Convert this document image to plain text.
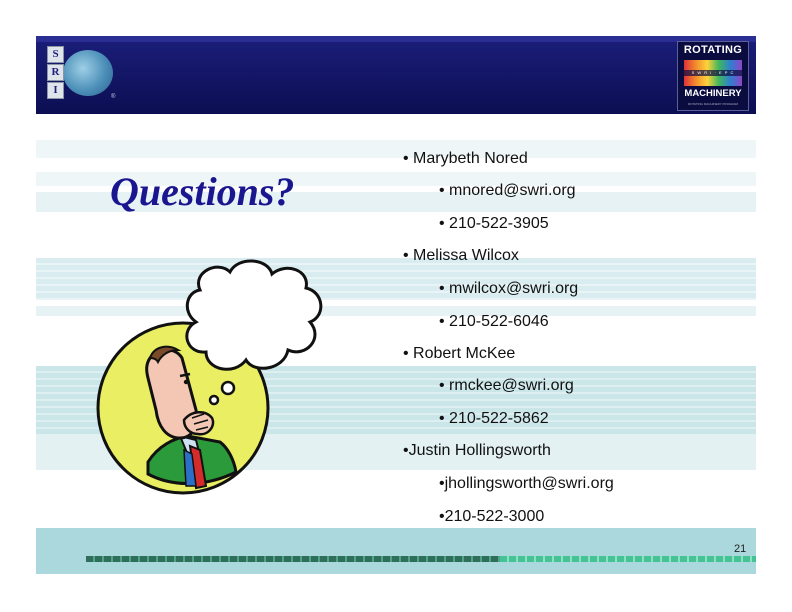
S
R
I
®
ROTATING
S W R I · E P C
MACHINERY
ROTATING MACHINERY PROGRAM
Questions?
• Marybeth Nored
• mnored@swri.org
• 210-522-3905
• Melissa Wilcox
• mwilcox@swri.org
• 210-522-6046
• Robert McKee
• rmckee@swri.org
• 210-522-5862
•Justin Hollingsworth
•jhollingsworth@swri.org
•210-522-3000
21
